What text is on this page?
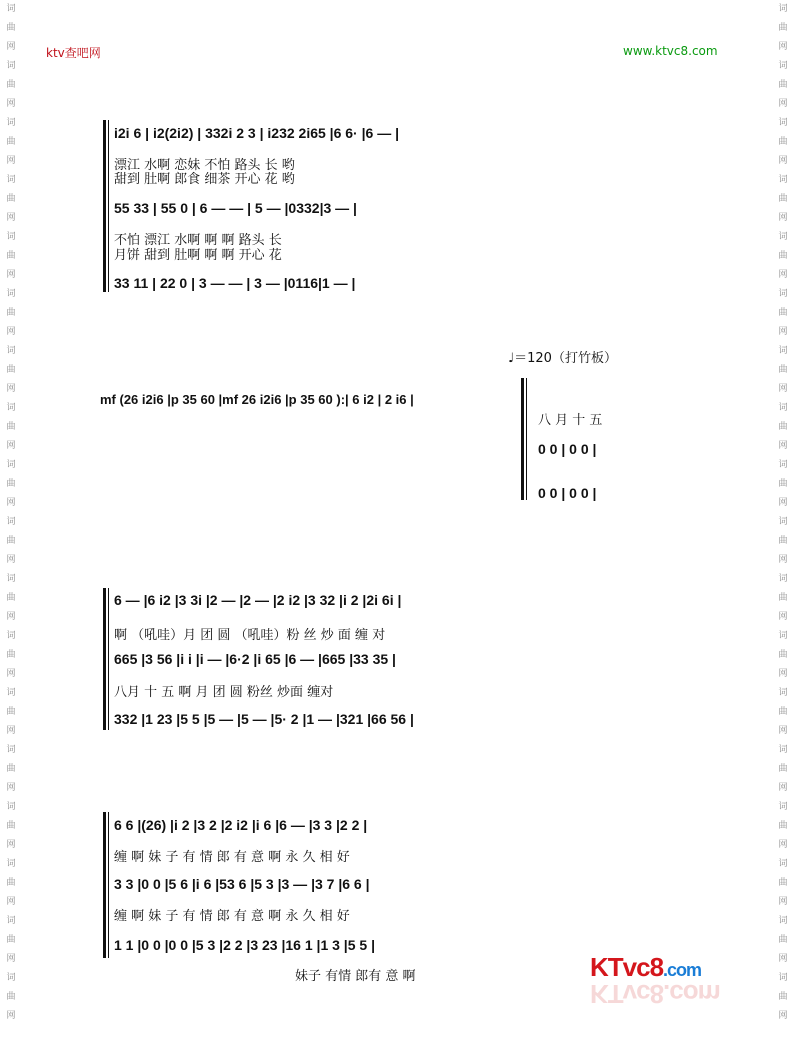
词
曲
网
词
曲
网
词
曲
网
词
曲
网
词
曲
网
词
曲
网
词
曲
网
词
曲
网
词
曲
网
词
曲
网
词
曲
网
词
曲
网
词
曲
网
词
曲
网
词
曲
网
词
曲
网
词
曲
网
词
曲
网
词
曲
网
词
曲
网
词
曲
网
词
曲
网
词
曲
网
词
曲
网
词
曲
网
词
曲
网
词
曲
网
词
曲
网
词
曲
网
词
曲
网
词
曲
网
词
曲
网
词
曲
网
词
曲
网
词
曲
网
词
曲
网
ktv查吧网	www.ktvc8.com
♩＝120（打竹板）
i2i 6 | i2(2i2) | 332i 2 3 | i232 2i65 |6 6· |6 — |
漂江 水啊 恋妹 不怕 路头 长 哟
甜到 肚啊 郎食 细茶 开心 花 哟
55 33 | 55 0 | 6 — — | 5 — |0332|3 — |
不怕 漂江 水啊 啊 啊 路头 长
月饼 甜到 肚啊 啊 啊 开心 花
33 11 | 22 0 | 3 — — | 3 — |0116|1 — |
mf (26 i2i6 |p 35 60 |mf 26 i2i6 |p 35 60 ):| 6 i2 | 2 i6 |
八 月 十 五
0 0 | 0 0 |
0 0 | 0 0 |
6 — |6 i2 |3 3i |2 — |2 — |2 i2 |3 32 |i 2 |2i 6i |
啊 （吼哇）月 团 圆 （吼哇）粉 丝 炒 面 缠 对
665 |3 56 |i i |i — |6·2 |i 65 |6 — |665 |33 35 |
八月 十 五 啊 月 团 圆 粉丝 炒面 缠对
332 |1 23 |5 5 |5 — |5 — |5· 2 |1 — |321 |66 56 |
6 6 |(26) |i 2 |3 2 |2 i2 |i 6 |6 — |3 3 |2 2 |
缠 啊 妹 子 有 情 郎 有 意 啊 永 久 相 好
3 3 |0 0 |5 6 |i 6 |53 6 |5 3 |3 — |3 7 |6 6 |
缠 啊 妹 子 有 情 郎 有 意 啊 永 久 相 好
1 1 |0 0 |0 0 |5 3 |2 2 |3 23 |16 1 |1 3 |5 5 |
妹子 有情 郎有 意 啊	KTvc8.com
KTvc8.com
